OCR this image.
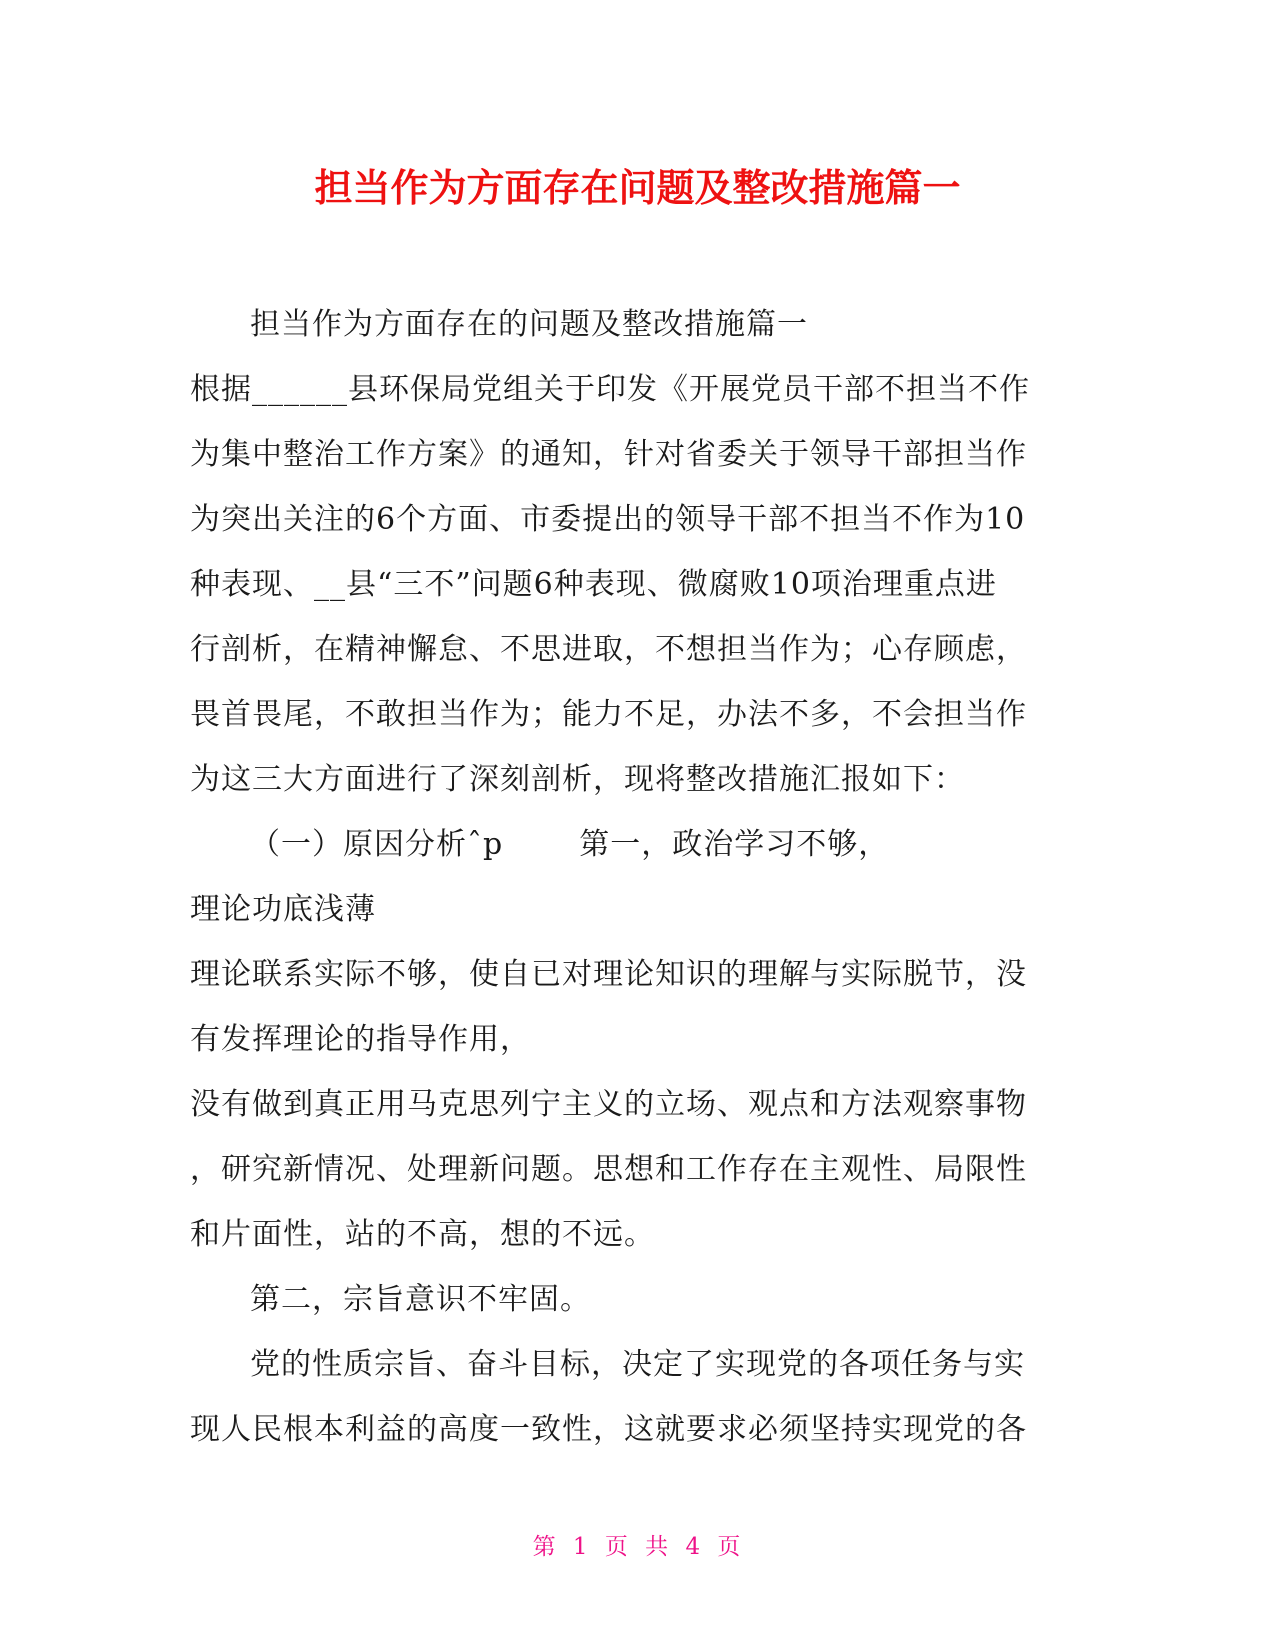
担当作为方面存在问题及整改措施篇一
担当作为方面存在的问题及整改措施篇一
根据______县环保局党组关于印发《开展党员干部不担当不作
为集中整治工作方案》的通知，针对省委关于领导干部担当作
为突出关注的6个方面、市委提出的领导干部不担当不作为10
种表现、__县“三不”问题6种表现、微腐败10项治理重点进
行剖析，在精神懈怠、不思进取，不想担当作为；心存顾虑，
畏首畏尾，不敢担当作为；能力不足，办法不多，不会担当作
为这三大方面进行了深刻剖析，现将整改措施汇报如下：
（一）原因分析ˆp	第一，政治学习不够，
理论功底浅薄
理论联系实际不够，使自已对理论知识的理解与实际脱节，没
有发挥理论的指导作用，
没有做到真正用马克思列宁主义的立场、观点和方法观察事物
，研究新情况、处理新问题。思想和工作存在主观性、局限性
和片面性，站的不高，想的不远。
第二，宗旨意识不牢固。
党的性质宗旨、奋斗目标，决定了实现党的各项任务与实
现人民根本利益的高度一致性，这就要求必须坚持实现党的各
第 1 页 共 4 页
